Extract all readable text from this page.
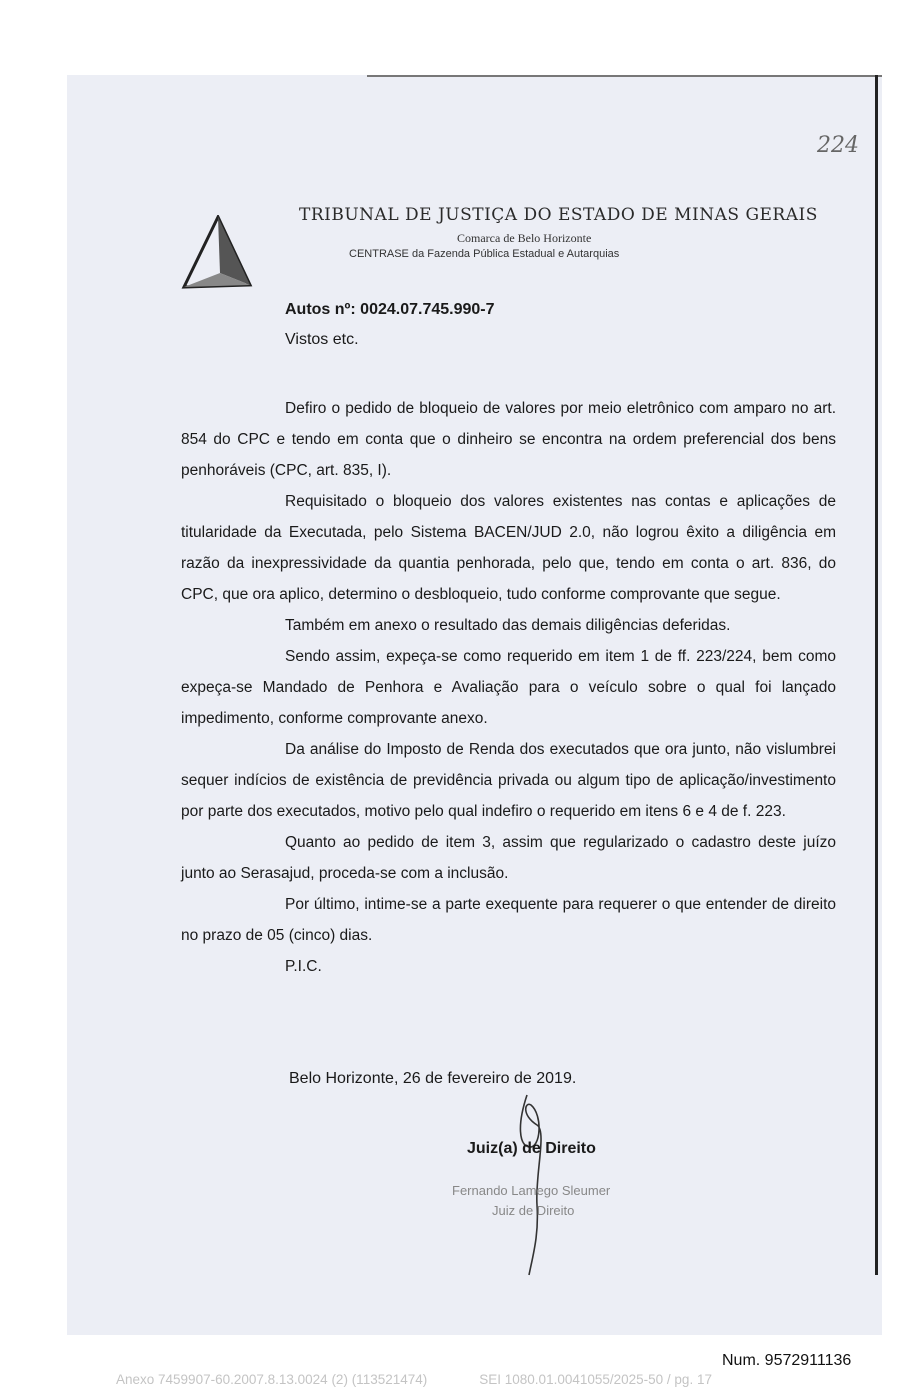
224
TRIBUNAL DE JUSTIÇA DO ESTADO DE MINAS GERAIS
Comarca de Belo Horizonte
CENTRASE da Fazenda Pública Estadual e Autarquias
Autos nº: 0024.07.745.990-7
Vistos etc.

Defiro o pedido de bloqueio de valores por meio eletrônico com amparo no art. 854 do CPC e tendo em conta que o dinheiro se encontra na ordem preferencial dos bens penhoráveis (CPC, art. 835, I).

Requisitado o bloqueio dos valores existentes nas contas e aplicações de titularidade da Executada, pelo Sistema BACEN/JUD 2.0, não logrou êxito a diligência em razão da inexpressividade da quantia penhorada, pelo que, tendo em conta o art. 836, do CPC, que ora aplico, determino o desbloqueio, tudo conforme comprovante que segue.

Também em anexo o resultado das demais diligências deferidas.

Sendo assim, expeça-se como requerido em item 1 de ff. 223/224, bem como expeça-se Mandado de Penhora e Avaliação para o veículo sobre o qual foi lançado impedimento, conforme comprovante anexo.

Da análise do Imposto de Renda dos executados que ora junto, não vislumbrei sequer indícios de existência de previdência privada ou algum tipo de aplicação/investimento por parte dos executados, motivo pelo qual indefiro o requerido em itens 6 e 4 de f. 223.

Quanto ao pedido de item 3, assim que regularizado o cadastro deste juízo junto ao Serasajud, proceda-se com a inclusão.

Por último, intime-se a parte exequente para requerer o que entender de direito no prazo de 05 (cinco) dias.

P.I.C.

Belo Horizonte, 26 de fevereiro de 2019.
Juiz(a) de Direito
Fernando Lamego Sleumer
Juiz de Direito
Num. 9572911136
Anexo 7459907-60.2007.8.13.0024 (2) (113521474)	SEI 1080.01.0041055/2025-50 / pg. 17
